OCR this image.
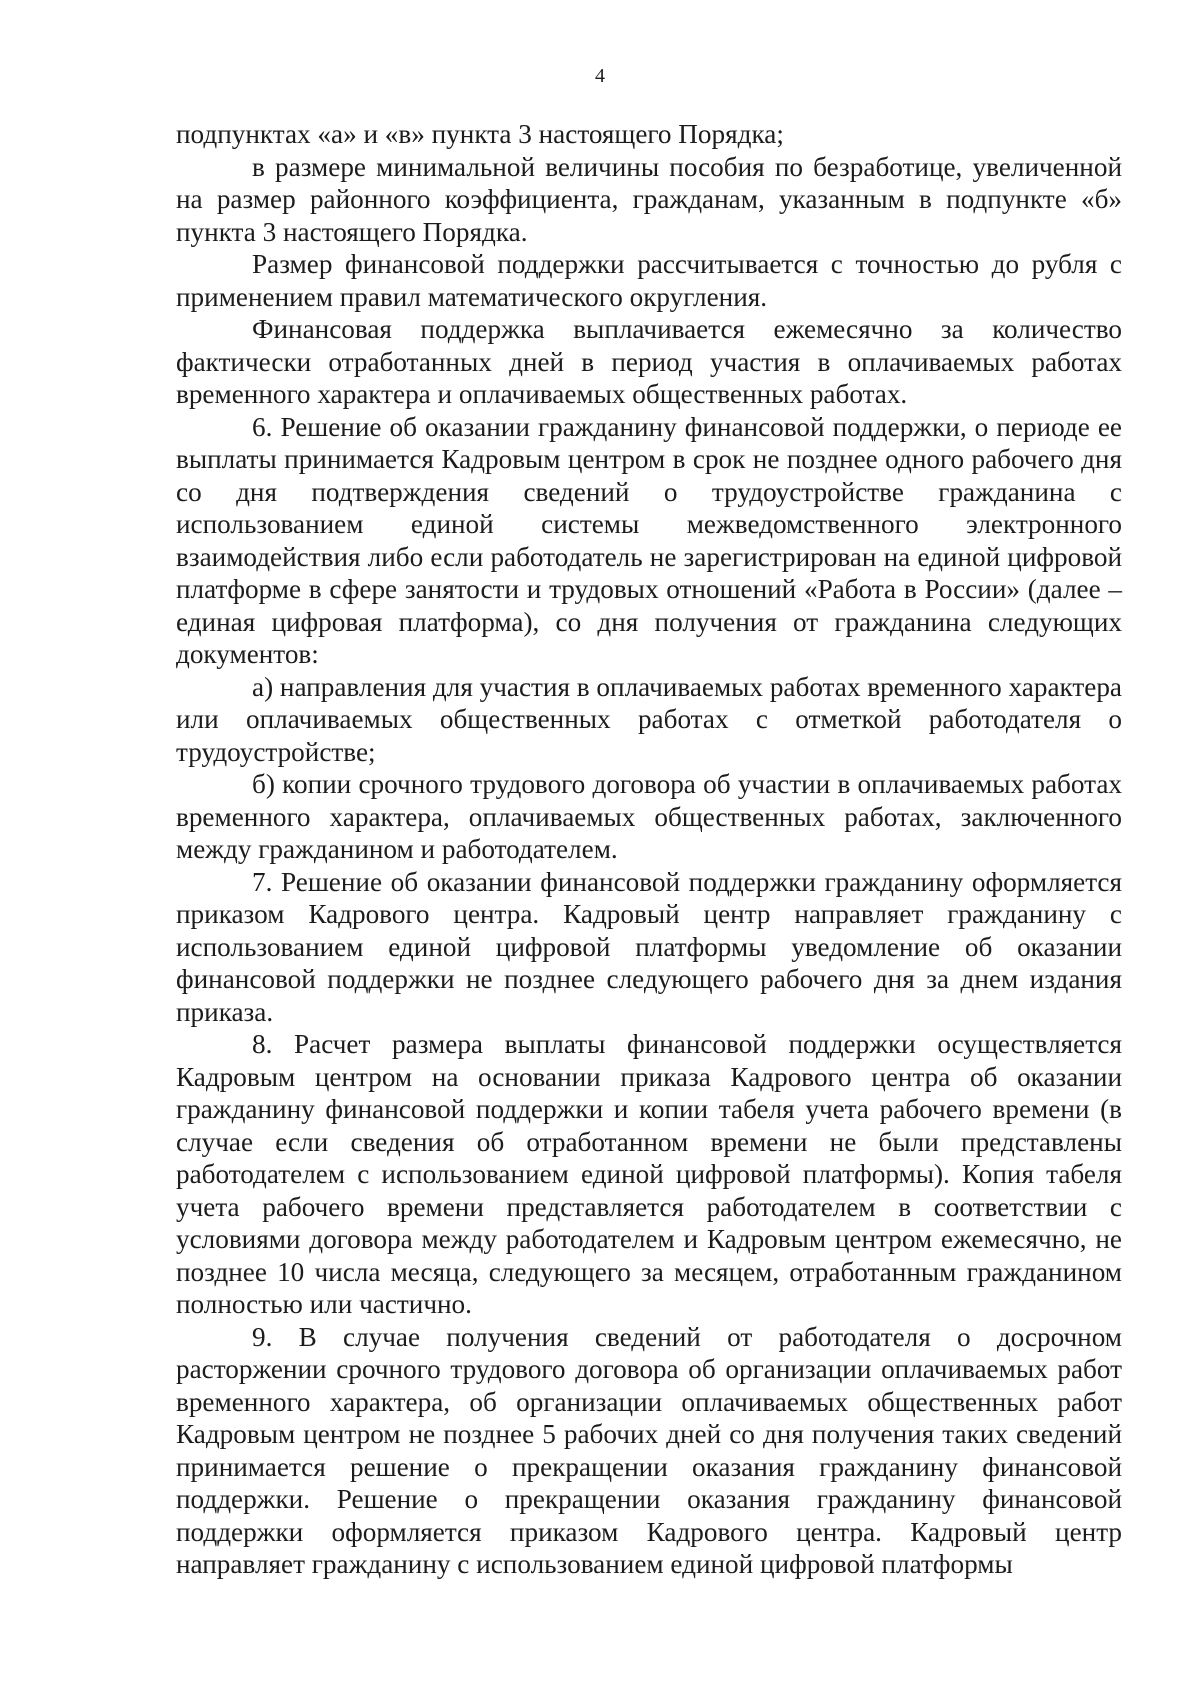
4

подпунктах «а» и «в» пункта 3 настоящего Порядка;

в размере минимальной величины пособия по безработице, увеличенной на размер районного коэффициента, гражданам, указанным в подпункте «б» пункта 3 настоящего Порядка.

Размер финансовой поддержки рассчитывается с точностью до рубля с применением правил математического округления.

Финансовая поддержка выплачивается ежемесячно за количество фактически отработанных дней в период участия в оплачиваемых работах временного характера и оплачиваемых общественных работах.

6. Решение об оказании гражданину финансовой поддержки, о периоде ее выплаты принимается Кадровым центром в срок не позднее одного рабочего дня со дня подтверждения сведений о трудоустройстве гражданина с использованием единой системы межведомственного электронного взаимодействия либо если работодатель не зарегистрирован на единой цифровой платформе в сфере занятости и трудовых отношений «Работа в России» (далее – единая цифровая платформа), со дня получения от гражданина следующих документов:

а) направления для участия в оплачиваемых работах временного характера или оплачиваемых общественных работах с отметкой работодателя о трудоустройстве;

б) копии срочного трудового договора об участии в оплачиваемых работах временного характера, оплачиваемых общественных работах, заключенного между гражданином и работодателем.

7. Решение об оказании финансовой поддержки гражданину оформляется приказом Кадрового центра. Кадровый центр направляет гражданину с использованием единой цифровой платформы уведомление об оказании финансовой поддержки не позднее следующего рабочего дня за днем издания приказа.

8. Расчет размера выплаты финансовой поддержки осуществляется Кадровым центром на основании приказа Кадрового центра об оказании гражданину финансовой поддержки и копии табеля учета рабочего времени (в случае если сведения об отработанном времени не были представлены работодателем с использованием единой цифровой платформы). Копия табеля учета рабочего времени представляется работодателем в соответствии с условиями договора между работодателем и Кадровым центром ежемесячно, не позднее 10 числа месяца, следующего за месяцем, отработанным гражданином полностью или частично.

9. В случае получения сведений от работодателя о досрочном расторжении срочного трудового договора об организации оплачиваемых работ временного характера, об организации оплачиваемых общественных работ Кадровым центром не позднее 5 рабочих дней со дня получения таких сведений принимается решение о прекращении оказания гражданину финансовой поддержки. Решение о прекращении оказания гражданину финансовой поддержки оформляется приказом Кадрового центра. Кадровый центр направляет гражданину с использованием единой цифровой платформы
